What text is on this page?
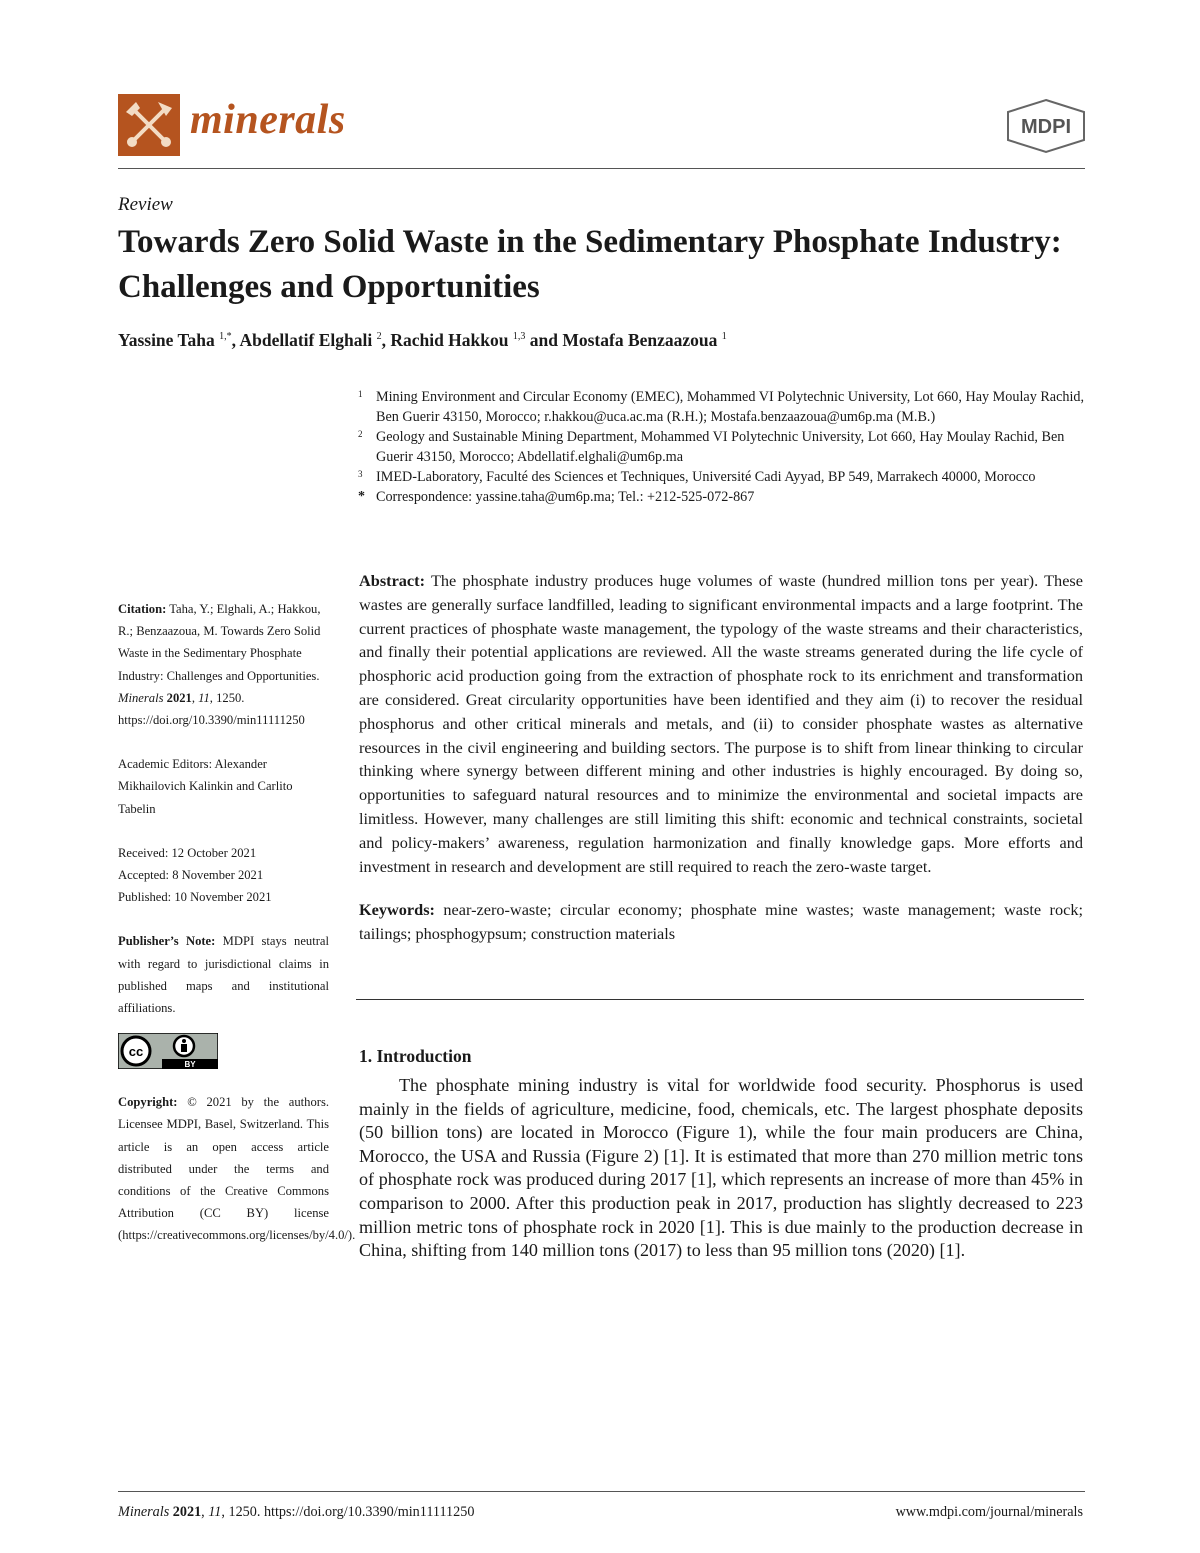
minerals	MDPI
Review
Towards Zero Solid Waste in the Sedimentary Phosphate Industry: Challenges and Opportunities
Yassine Taha $^{1,*}$, Abdellatif Elghali $^2$, Rachid Hakkou $^{1,3}$ and Mostafa Benzaazoua $^1$
1 Mining Environment and Circular Economy (EMEC), Mohammed VI Polytechnic University, Lot 660, Hay Moulay Rachid, Ben Guerir 43150, Morocco; r.hakkou@uca.ac.ma (R.H.); Mostafa.benzaazoua@um6p.ma (M.B.)
2 Geology and Sustainable Mining Department, Mohammed VI Polytechnic University, Lot 660, Hay Moulay Rachid, Ben Guerir 43150, Morocco; Abdellatif.elghali@um6p.ma
3 IMED-Laboratory, Faculté des Sciences et Techniques, Université Cadi Ayyad, BP 549, Marrakech 40000, Morocco
* Correspondence: yassine.taha@um6p.ma; Tel.: +212-525-072-867
Citation: Taha, Y.; Elghali, A.; Hakkou, R.; Benzaazoua, M. Towards Zero Solid Waste in the Sedimentary Phosphate Industry: Challenges and Opportunities. Minerals 2021, 11, 1250. https://doi.org/10.3390/min11111250
Academic Editors: Alexander Mikhailovich Kalinkin and Carlito Tabelin
Received: 12 October 2021
Accepted: 8 November 2021
Published: 10 November 2021
Publisher’s Note: MDPI stays neutral with regard to jurisdictional claims in published maps and institutional affiliations.
cc
BY
Copyright: © 2021 by the authors. Licensee MDPI, Basel, Switzerland. This article is an open access article distributed under the terms and conditions of the Creative Commons Attribution (CC BY) license (https://creativecommons.org/licenses/by/4.0/).

Abstract: The phosphate industry produces huge volumes of waste (hundred million tons per year). These wastes are generally surface landfilled, leading to significant environmental impacts and a large footprint. The current practices of phosphate waste management, the typology of the waste streams and their characteristics, and finally their potential applications are reviewed. All the waste streams generated during the life cycle of phosphoric acid production going from the extraction of phosphate rock to its enrichment and transformation are considered. Great circularity opportunities have been identified and they aim (i) to recover the residual phosphorus and other critical minerals and metals, and (ii) to consider phosphate wastes as alternative resources in the civil engineering and building sectors. The purpose is to shift from linear thinking to circular thinking where synergy between different mining and other industries is highly encouraged. By doing so, opportunities to safeguard natural resources and to minimize the environmental and societal impacts are limitless. However, many challenges are still limiting this shift: economic and technical constraints, societal and policy-makers’ awareness, regulation harmonization and finally knowledge gaps. More efforts and investment in research and development are still required to reach the zero-waste target.

Keywords: near-zero-waste; circular economy; phosphate mine wastes; waste management; waste rock; tailings; phosphogypsum; construction materials

1. Introduction

The phosphate mining industry is vital for worldwide food security. Phosphorus is used mainly in the fields of agriculture, medicine, food, chemicals, etc. The largest phosphate deposits (50 billion tons) are located in Morocco (Figure 1), while the four main producers are China, Morocco, the USA and Russia (Figure 2) [1]. It is estimated that more than 270 million metric tons of phosphate rock was produced during 2017 [1], which represents an increase of more than 45% in comparison to 2000. After this production peak in 2017, production has slightly decreased to 223 million metric tons of phosphate rock in 2020 [1]. This is due mainly to the production decrease in China, shifting from 140 million tons (2017) to less than 95 million tons (2020) [1].

Minerals 2021, 11, 1250. https://doi.org/10.3390/min11111250	www.mdpi.com/journal/minerals
